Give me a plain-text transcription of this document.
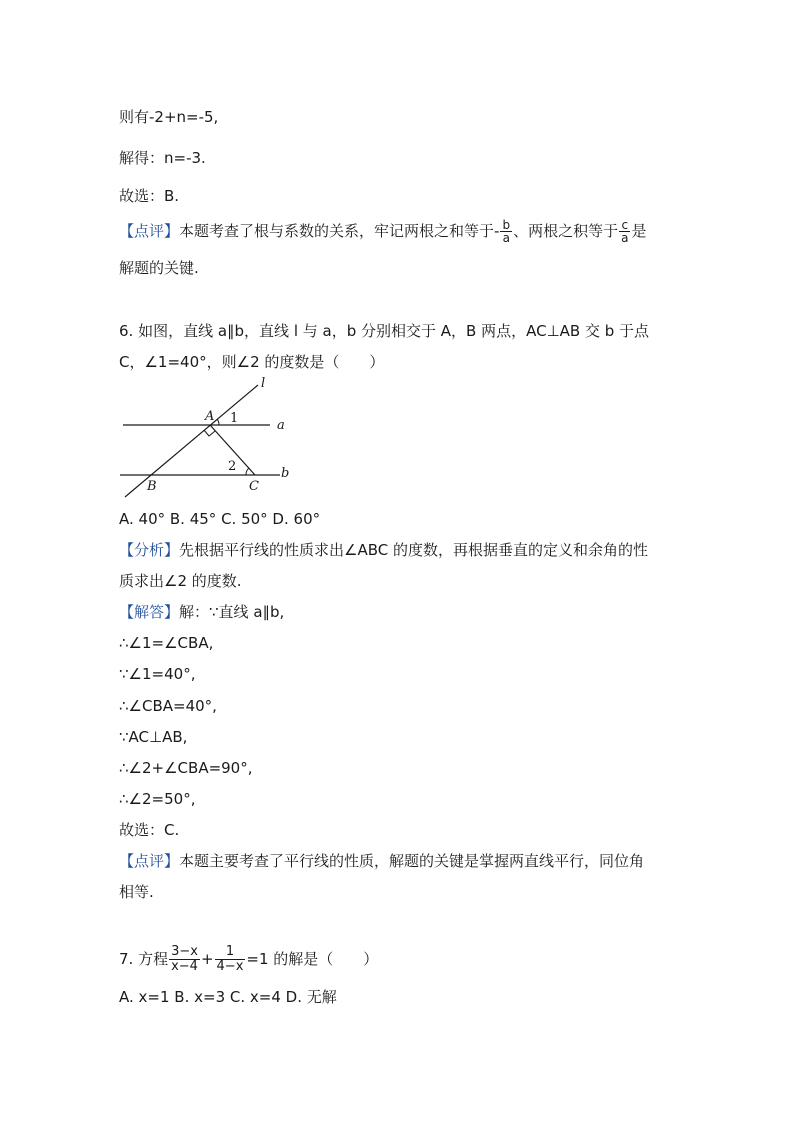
则有-2+n=-5,
解得：n=-3.
故选：B.
【点评】本题考查了根与系数的关系，牢记两根之和等于- $\frac{b}{a}$ 、两根之积等于 $\frac{c}{a}$ 是
解题的关键.
6. 如图，直线 a∥b，直线 l 与 a，b 分别相交于 A，B 两点，AC⊥AB 交 b 于点
C，∠1=40°，则∠2 的度数是（　　）
l
A 1	a
2	b
B	C
A. 40° B. 45° C. 50° D. 60°
【分析】先根据平行线的性质求出∠ABC 的度数，再根据垂直的定义和余角的性
质求出∠2 的度数.
【解答】解：∵直线 a∥b,
∴∠1=∠CBA,
∵∠1=40°,
∴∠CBA=40°,
∵AC⊥AB,
∴∠2+∠CBA=90°,
∴∠2=50°,
故选：C.
【点评】本题主要考查了平行线的性质，解题的关键是掌握两直线平行，同位角
相等.
7. 方程 $\frac{3-x}{x-4} + \frac{1}{4-x} =1$ 的解是（　　）
A. x=1 B. x=3 C. x=4 D. 无解
